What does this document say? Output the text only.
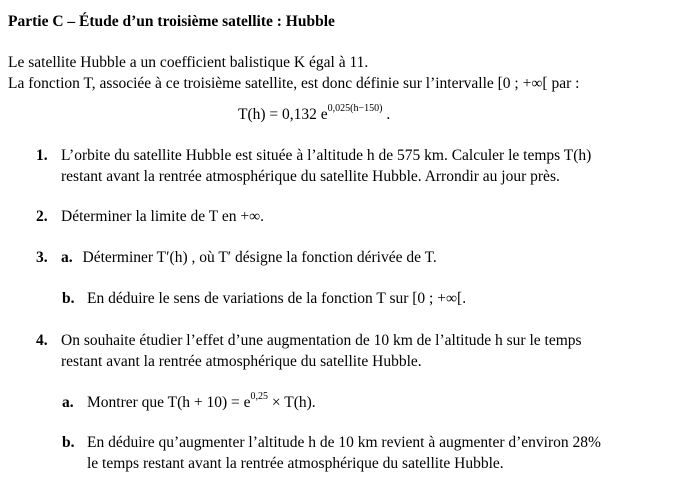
Partie C – Étude d’un troisième satellite : Hubble
Le satellite Hubble a un coefficient balistique K égal à 11.
La fonction T, associée à ce troisième satellite, est donc définie sur l’intervalle [0 ; +∞[ par :
T(h) = 0,132 $e^{0,025(h-150)}$ .
1. L’orbite du satellite Hubble est située à l’altitude h de 575 km. Calculer le temps T(h)
restant avant la rentrée atmosphérique du satellite Hubble. Arrondir au jour près.
2. Déterminer la limite de T en +∞.
3. a. Déterminer T′(h) , où T′ désigne la fonction dérivée de T.
b. En déduire le sens de variations de la fonction T sur [0 ; +∞[.
4. On souhaite étudier l’effet d’une augmentation de 10 km de l’altitude h sur le temps
restant avant la rentrée atmosphérique du satellite Hubble.
a. Montrer que $T(h + 10) = e^{0,25} \times T(h)$.
b. En déduire qu’augmenter l’altitude h de 10 km revient à augmenter d’environ 28%
le temps restant avant la rentrée atmosphérique du satellite Hubble.
